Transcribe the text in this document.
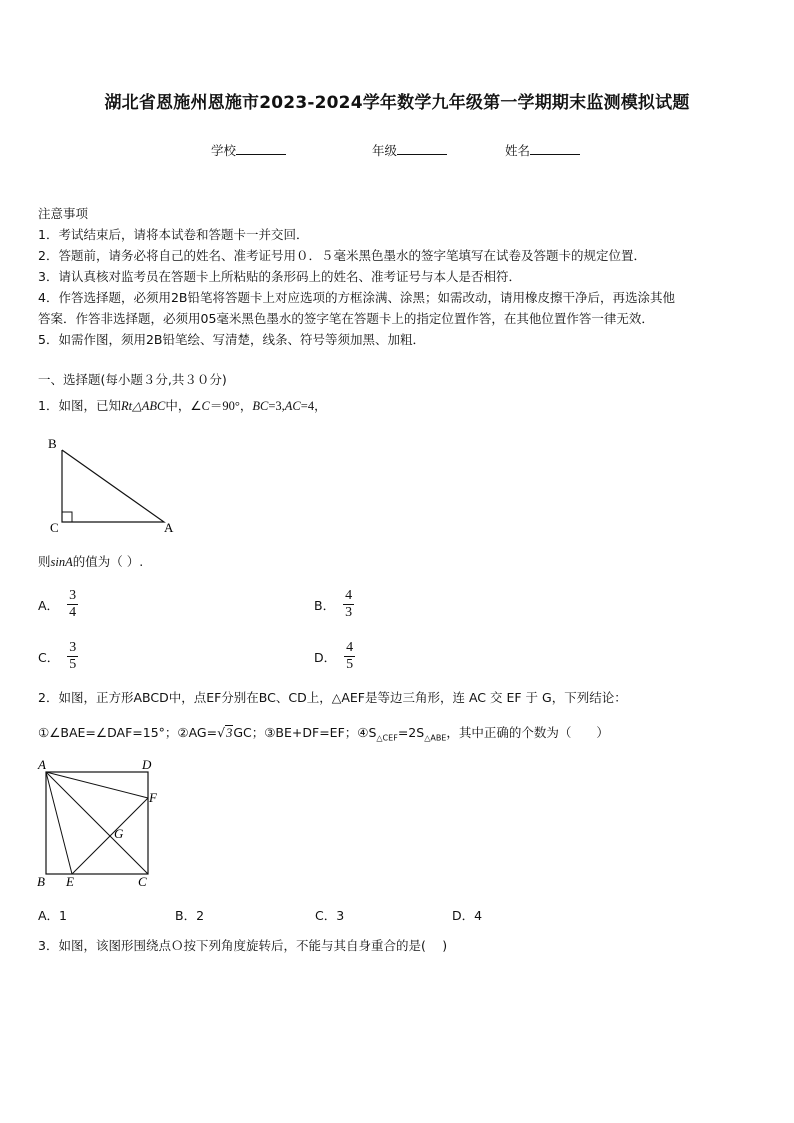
湖北省恩施州恩施市2023-2024学年数学九年级第一学期期末监测模拟试题
学校	年级	姓名
注意事项
1．考试结束后，请将本试卷和答题卡一并交回．
2．答题前，请务必将自己的姓名、准考证号用０．５毫米黑色墨水的签字笔填写在试卷及答题卡的规定位置．
3．请认真核对监考员在答题卡上所粘贴的条形码上的姓名、准考证号与本人是否相符．
4．作答选择题，必须用2B铅笔将答题卡上对应选项的方框涂满、涂黑；如需改动，请用橡皮擦干净后，再选涂其他
答案．作答非选择题，必须用05毫米黑色墨水的签字笔在答题卡上的指定位置作答，在其他位置作答一律无效．
5．如需作图，须用2B铅笔绘、写清楚，线条、符号等须加黑、加粗．
一、选择题(每小题３分,共３０分)
1．如图，已知Rt△ABC中，∠C＝90°，BC=3,AC=4，
B
C	A
则sinA的值为（ ）.
A． $\frac{3}{4}$	B． $\frac{4}{3}$
C． $\frac{3}{5}$	D． $\frac{4}{5}$
2．如图，正方形ABCD中，点EF分别在BC、CD上，△AEF是等边三角形，连 AC 交 EF 于 G，下列结论：
①∠BAE=∠DAF=15°；②AG=√3GC；③BE+DF=EF；$④S_{\triangle CEF}=2S_{\triangle ABE}$，其中正确的个数为（　　）
A	D
F
G
B E	C
A．1	B．2	C．3	D．4
3．如图，该图形围绕点Ｏ按下列角度旋转后，不能与其自身重合的是(　 )
